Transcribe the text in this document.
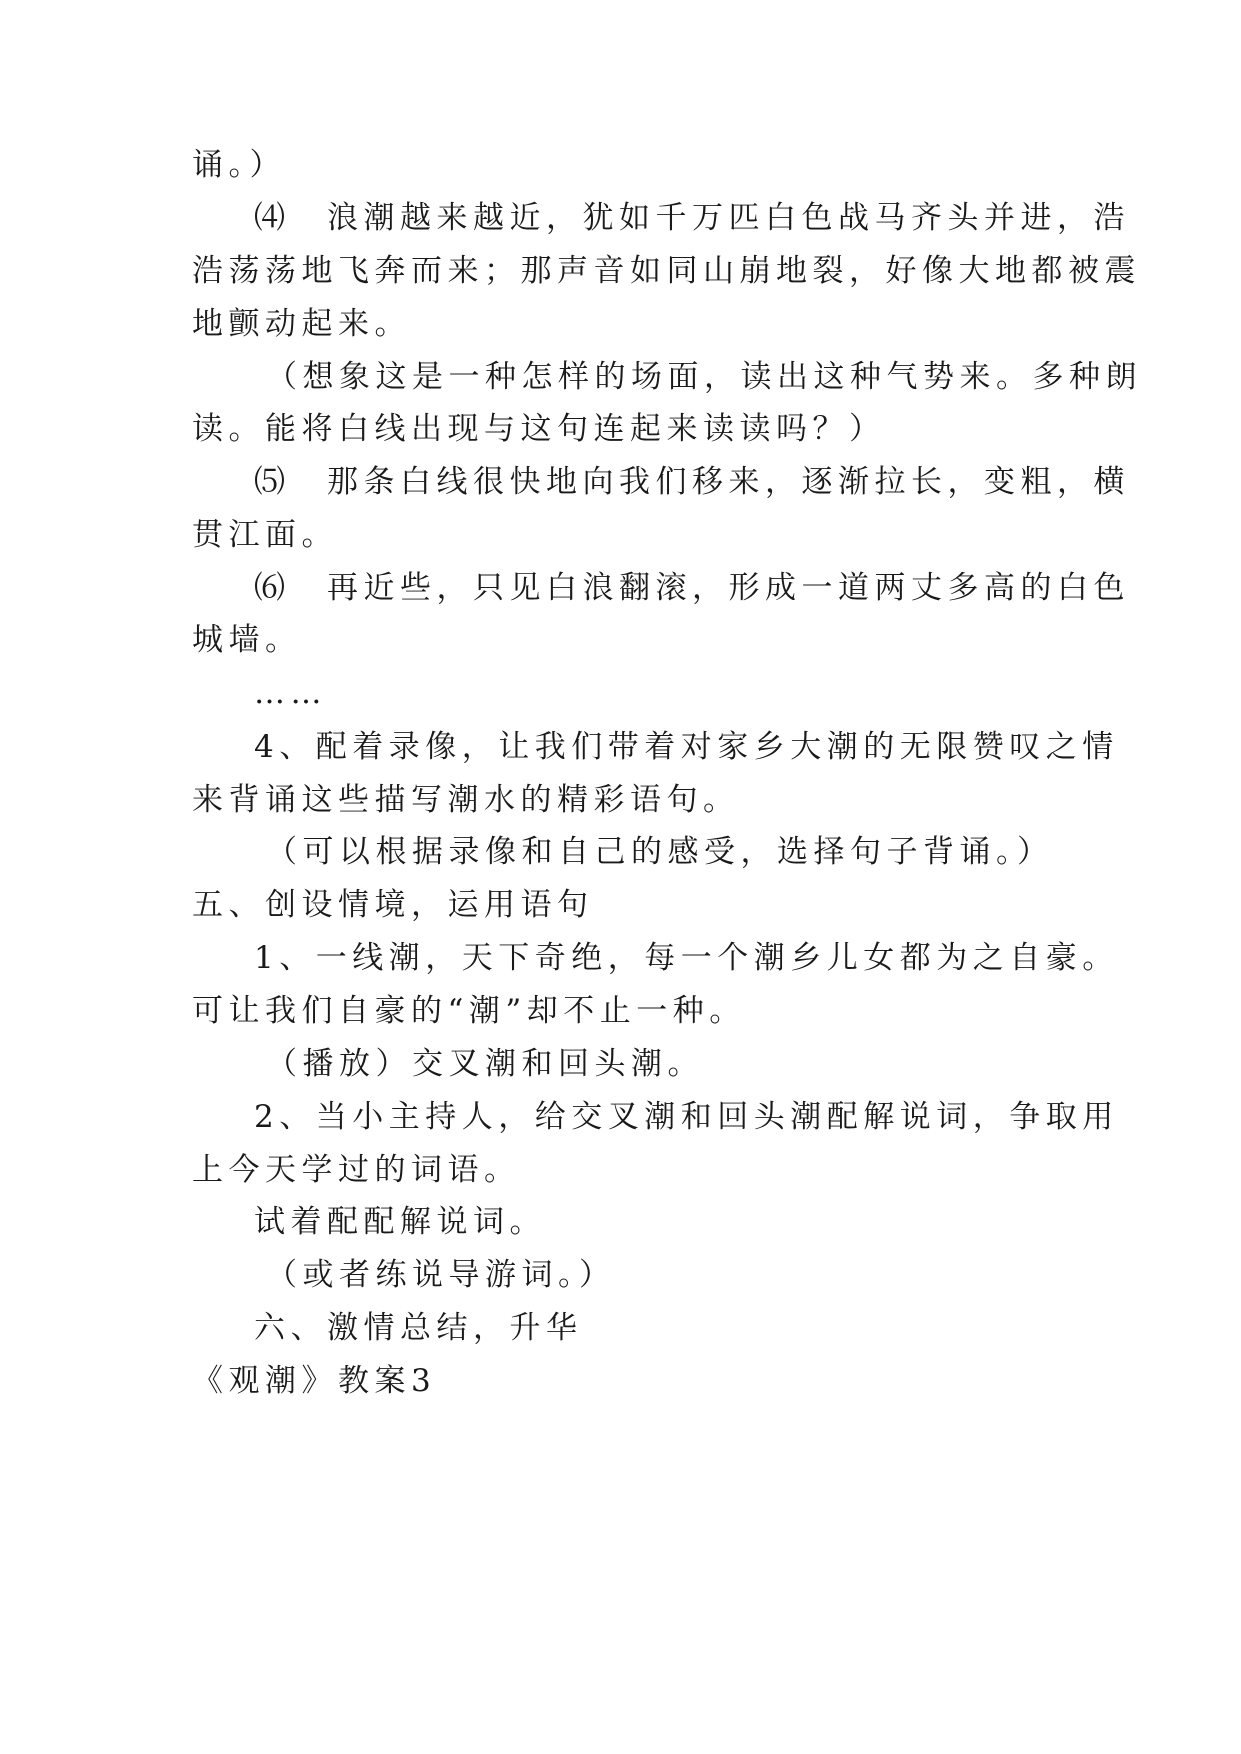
诵。）
⑷　浪潮越来越近，犹如千万匹白色战马齐头并进，浩
浩荡荡地飞奔而来；那声音如同山崩地裂，好像大地都被震
地颤动起来。
（想象这是一种怎样的场面，读出这种气势来。多种朗
读。能将白线出现与这句连起来读读吗？）
⑸　那条白线很快地向我们移来，逐渐拉长，变粗，横
贯江面。
⑹　再近些，只见白浪翻滚，形成一道两丈多高的白色
城墙。
……
4、配着录像，让我们带着对家乡大潮的无限赞叹之情
来背诵这些描写潮水的精彩语句。
（可以根据录像和自己的感受，选择句子背诵。）
五、创设情境，运用语句
1、一线潮，天下奇绝，每一个潮乡儿女都为之自豪。
可让我们自豪的“潮”却不止一种。
（播放）交叉潮和回头潮。
2、当小主持人，给交叉潮和回头潮配解说词，争取用
上今天学过的词语。
试着配配解说词。
（或者练说导游词。）
六、激情总结，升华
《观潮》教案3
